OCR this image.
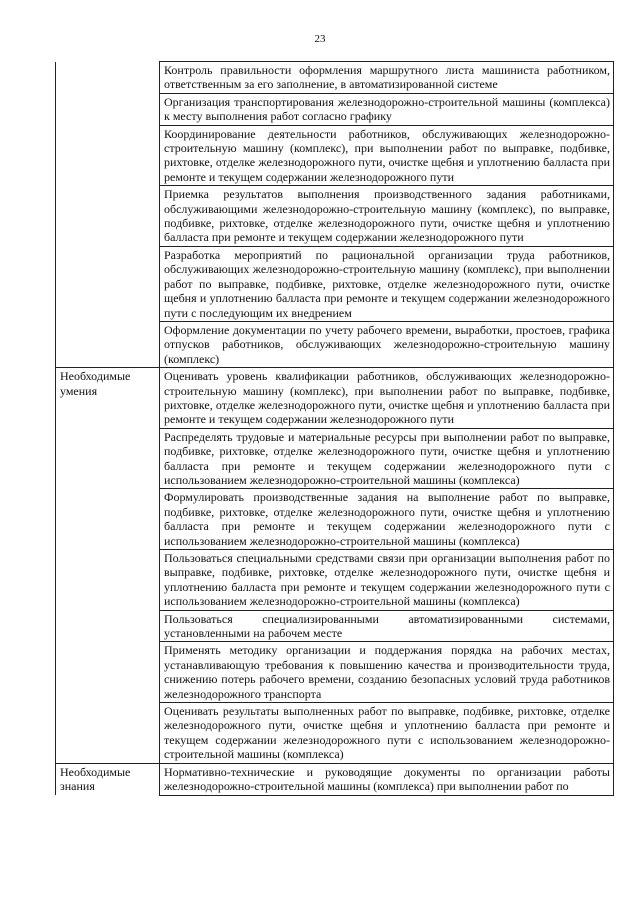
23
	Контроль правильности оформления маршрутного листа машиниста работником, ответственным за его заполнение, в автоматизированной системе
	Организация транспортирования железнодорожно-строительной машины (комплекса) к месту выполнения работ согласно графику
	Координирование деятельности работников, обслуживающих железнодорожно-строительную машину (комплекс), при выполнении работ по выправке, подбивке, рихтовке, отделке железнодорожного пути, очистке щебня и уплотнению балласта при ремонте и текущем содержании железнодорожного пути
	Приемка результатов выполнения производственного задания работниками, обслуживающими железнодорожно-строительную машину (комплекс), по выправке, подбивке, рихтовке, отделке железнодорожного пути, очистке щебня и уплотнению балласта при ремонте и текущем содержании железнодорожного пути
	Разработка мероприятий по рациональной организации труда работников, обслуживающих железнодорожно-строительную машину (комплекс), при выполнении работ по выправке, подбивке, рихтовке, отделке железнодорожного пути, очистке щебня и уплотнению балласта при ремонте и текущем содержании железнодорожного пути с последующим их внедрением
	Оформление документации по учету рабочего времени, выработки, простоев, графика отпусков работников, обслуживающих железнодорожно-строительную машину (комплекс)
Необходимые умения	Оценивать уровень квалификации работников, обслуживающих железнодорожно-строительную машину (комплекс), при выполнении работ по выправке, подбивке, рихтовке, отделке железнодорожного пути, очистке щебня и уплотнению балласта при ремонте и текущем содержании железнодорожного пути
	Распределять трудовые и материальные ресурсы при выполнении работ по выправке, подбивке, рихтовке, отделке железнодорожного пути, очистке щебня и уплотнению балласта при ремонте и текущем содержании железнодорожного пути с использованием железнодорожно-строительной машины (комплекса)
	Формулировать производственные задания на выполнение работ по выправке, подбивке, рихтовке, отделке железнодорожного пути, очистке щебня и уплотнению балласта при ремонте и текущем содержании железнодорожного пути с использованием железнодорожно-строительной машины (комплекса)
	Пользоваться специальными средствами связи при организации выполнения работ по выправке, подбивке, рихтовке, отделке железнодорожного пути, очистке щебня и уплотнению балласта при ремонте и текущем содержании железнодорожного пути с использованием железнодорожно-строительной машины (комплекса)
	Пользоваться специализированными автоматизированными системами, установленными на рабочем месте
	Применять методику организации и поддержания порядка на рабочих местах, устанавливающую требования к повышению качества и производительности труда, снижению потерь рабочего времени, созданию безопасных условий труда работников железнодорожного транспорта
	Оценивать результаты выполненных работ по выправке, подбивке, рихтовке, отделке железнодорожного пути, очистке щебня и уплотнению балласта при ремонте и текущем содержании железнодорожного пути с использованием железнодорожно-строительной машины (комплекса)
Необходимые знания	Нормативно-технические и руководящие документы по организации работы железнодорожно-строительной машины (комплекса) при выполнении работ по
